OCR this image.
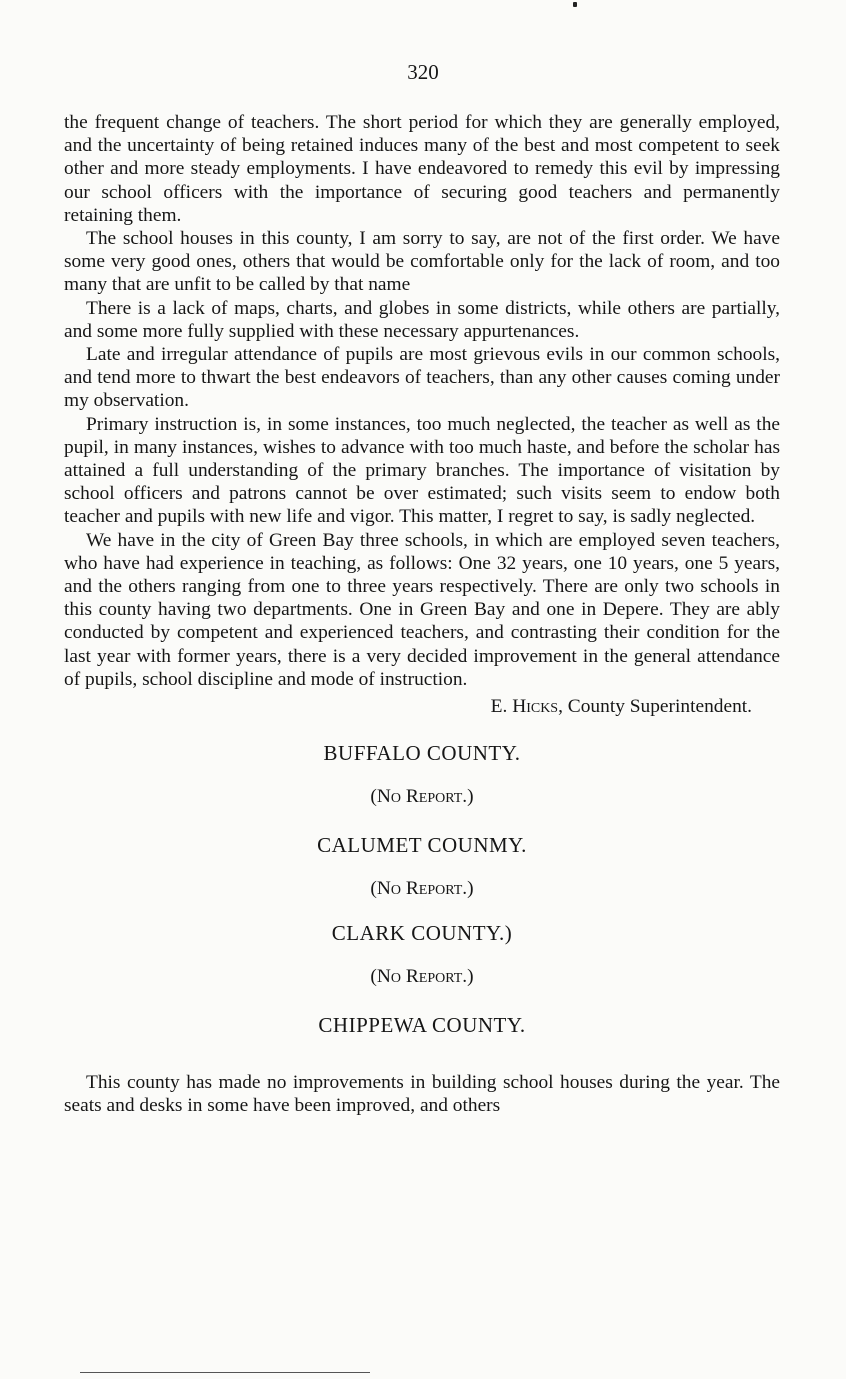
320

the frequent change of teachers. The short period for which they are generally employed, and the uncertainty of being retained induces many of the best and most competent to seek other and more steady employments. I have endeavored to remedy this evil by impressing our school officers with the importance of securing good teachers and permanently retaining them.

The school houses in this county, I am sorry to say, are not of the first order. We have some very good ones, others that would be comfortable only for the lack of room, and too many that are unfit to be called by that name

There is a lack of maps, charts, and globes in some districts, while others are partially, and some more fully supplied with these necessary appurtenances.

Late and irregular attendance of pupils are most grievous evils in our common schools, and tend more to thwart the best endeavors of teachers, than any other causes coming under my observation.

Primary instruction is, in some instances, too much neglected, the teacher as well as the pupil, in many instances, wishes to advance with too much haste, and before the scholar has attained a full understanding of the primary branches. The importance of visitation by school officers and patrons cannot be over estimated; such visits seem to endow both teacher and pupils with new life and vigor. This matter, I regret to say, is sadly neglected.

We have in the city of Green Bay three schools, in which are employed seven teachers, who have had experience in teaching, as follows: One 32 years, one 10 years, one 5 years, and the others ranging from one to three years respectively. There are only two schools in this county having two departments. One in Green Bay and one in Depere. They are ably conducted by competent and experienced teachers, and contrasting their condition for the last year with former years, there is a very decided improvement in the general attendance of pupils, school discipline and mode of instruction.

E. Hicks, County Superintendent.

BUFFALO COUNTY.

(No Report.)

CALUMET COUNMY.

(No Report.)

CLARK COUNTY.)

(No Report.)

CHIPPEWA COUNTY.

This county has made no improvements in building school houses during the year. The seats and desks in some have been improved, and others
